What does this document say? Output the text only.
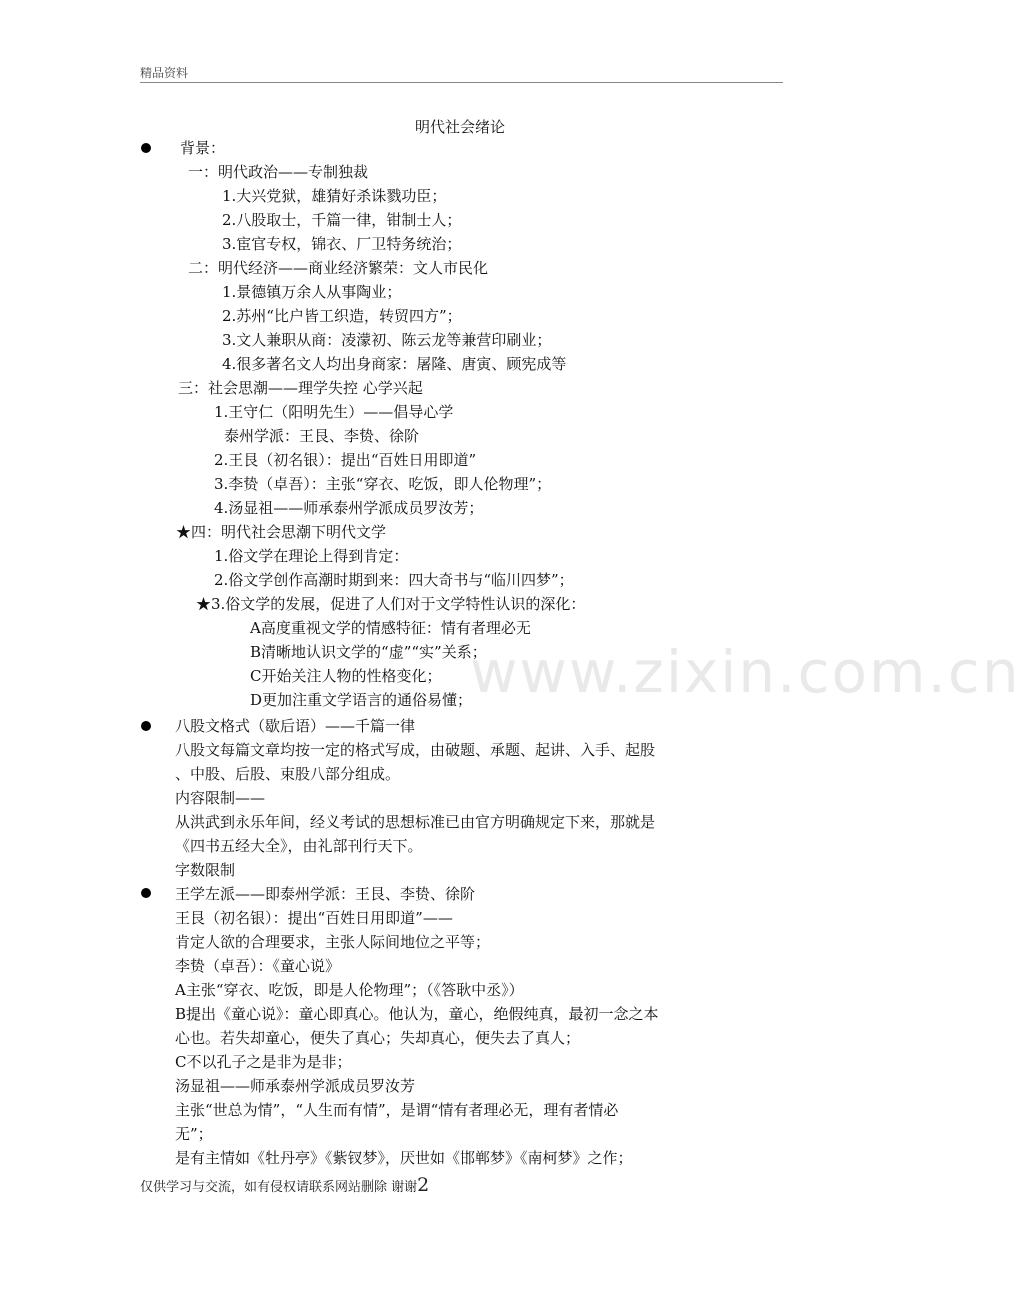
精品资料
明代社会绪论
www.zixin.com.cn
背景：
一：明代政治——专制独裁
1.大兴党狱，雄猜好杀诛戮功臣；
2.八股取士，千篇一律，钳制士人；
3.宦官专权，锦衣、厂卫特务统治；
二：明代经济——商业经济繁荣：文人市民化
1.景德镇万余人从事陶业；
2.苏州“比户皆工织造，转贸四方”；
3.文人兼职从商：凌濛初、陈云龙等兼营印刷业；
4.很多著名文人均出身商家：屠隆、唐寅、顾宪成等
三：社会思潮——理学失控 心学兴起
1.王守仁（阳明先生）——倡导心学
泰州学派：王艮、李贽、徐阶
2.王艮（初名银）：提出“百姓日用即道”
3.李贽（卓吾）：主张“穿衣、吃饭，即人伦物理”；
4.汤显祖——师承泰州学派成员罗汝芳；
★四：明代社会思潮下明代文学
1.俗文学在理论上得到肯定：
2.俗文学创作高潮时期到来：四大奇书与“临川四梦”；
★3.俗文学的发展，促进了人们对于文学特性认识的深化：
A高度重视文学的情感特征：情有者理必无
B清晰地认识文学的“虚”“实”关系；
C开始关注人物的性格变化；
D更加注重文学语言的通俗易懂；
八股文格式（歇后语）——千篇一律
八股文每篇文章均按一定的格式写成，由破题、承题、起讲、入手、起股
、中股、后股、束股八部分组成。
内容限制——
从洪武到永乐年间，经义考试的思想标准已由官方明确规定下来，那就是
《四书五经大全》，由礼部刊行天下。
字数限制
王学左派——即泰州学派：王艮、李贽、徐阶
王艮（初名银）：提出“百姓日用即道”——
肯定人欲的合理要求，主张人际间地位之平等；
李贽（卓吾）：《童心说》
A主张“穿衣、吃饭，即是人伦物理”；（《答耿中丞》）
B提出《童心说》：童心即真心。他认为，童心，绝假纯真，最初一念之本
心也。若失却童心，便失了真心；失却真心，便失去了真人；
C不以孔子之是非为是非；
汤显祖——师承泰州学派成员罗汝芳
主张“世总为情”，“人生而有情”，是谓“情有者理必无，理有者情必
无”；
是有主情如《牡丹亭》《紫钗梦》，厌世如《邯郸梦》《南柯梦》之作；
仅供学习与交流，如有侵权请联系网站删除 谢谢2
